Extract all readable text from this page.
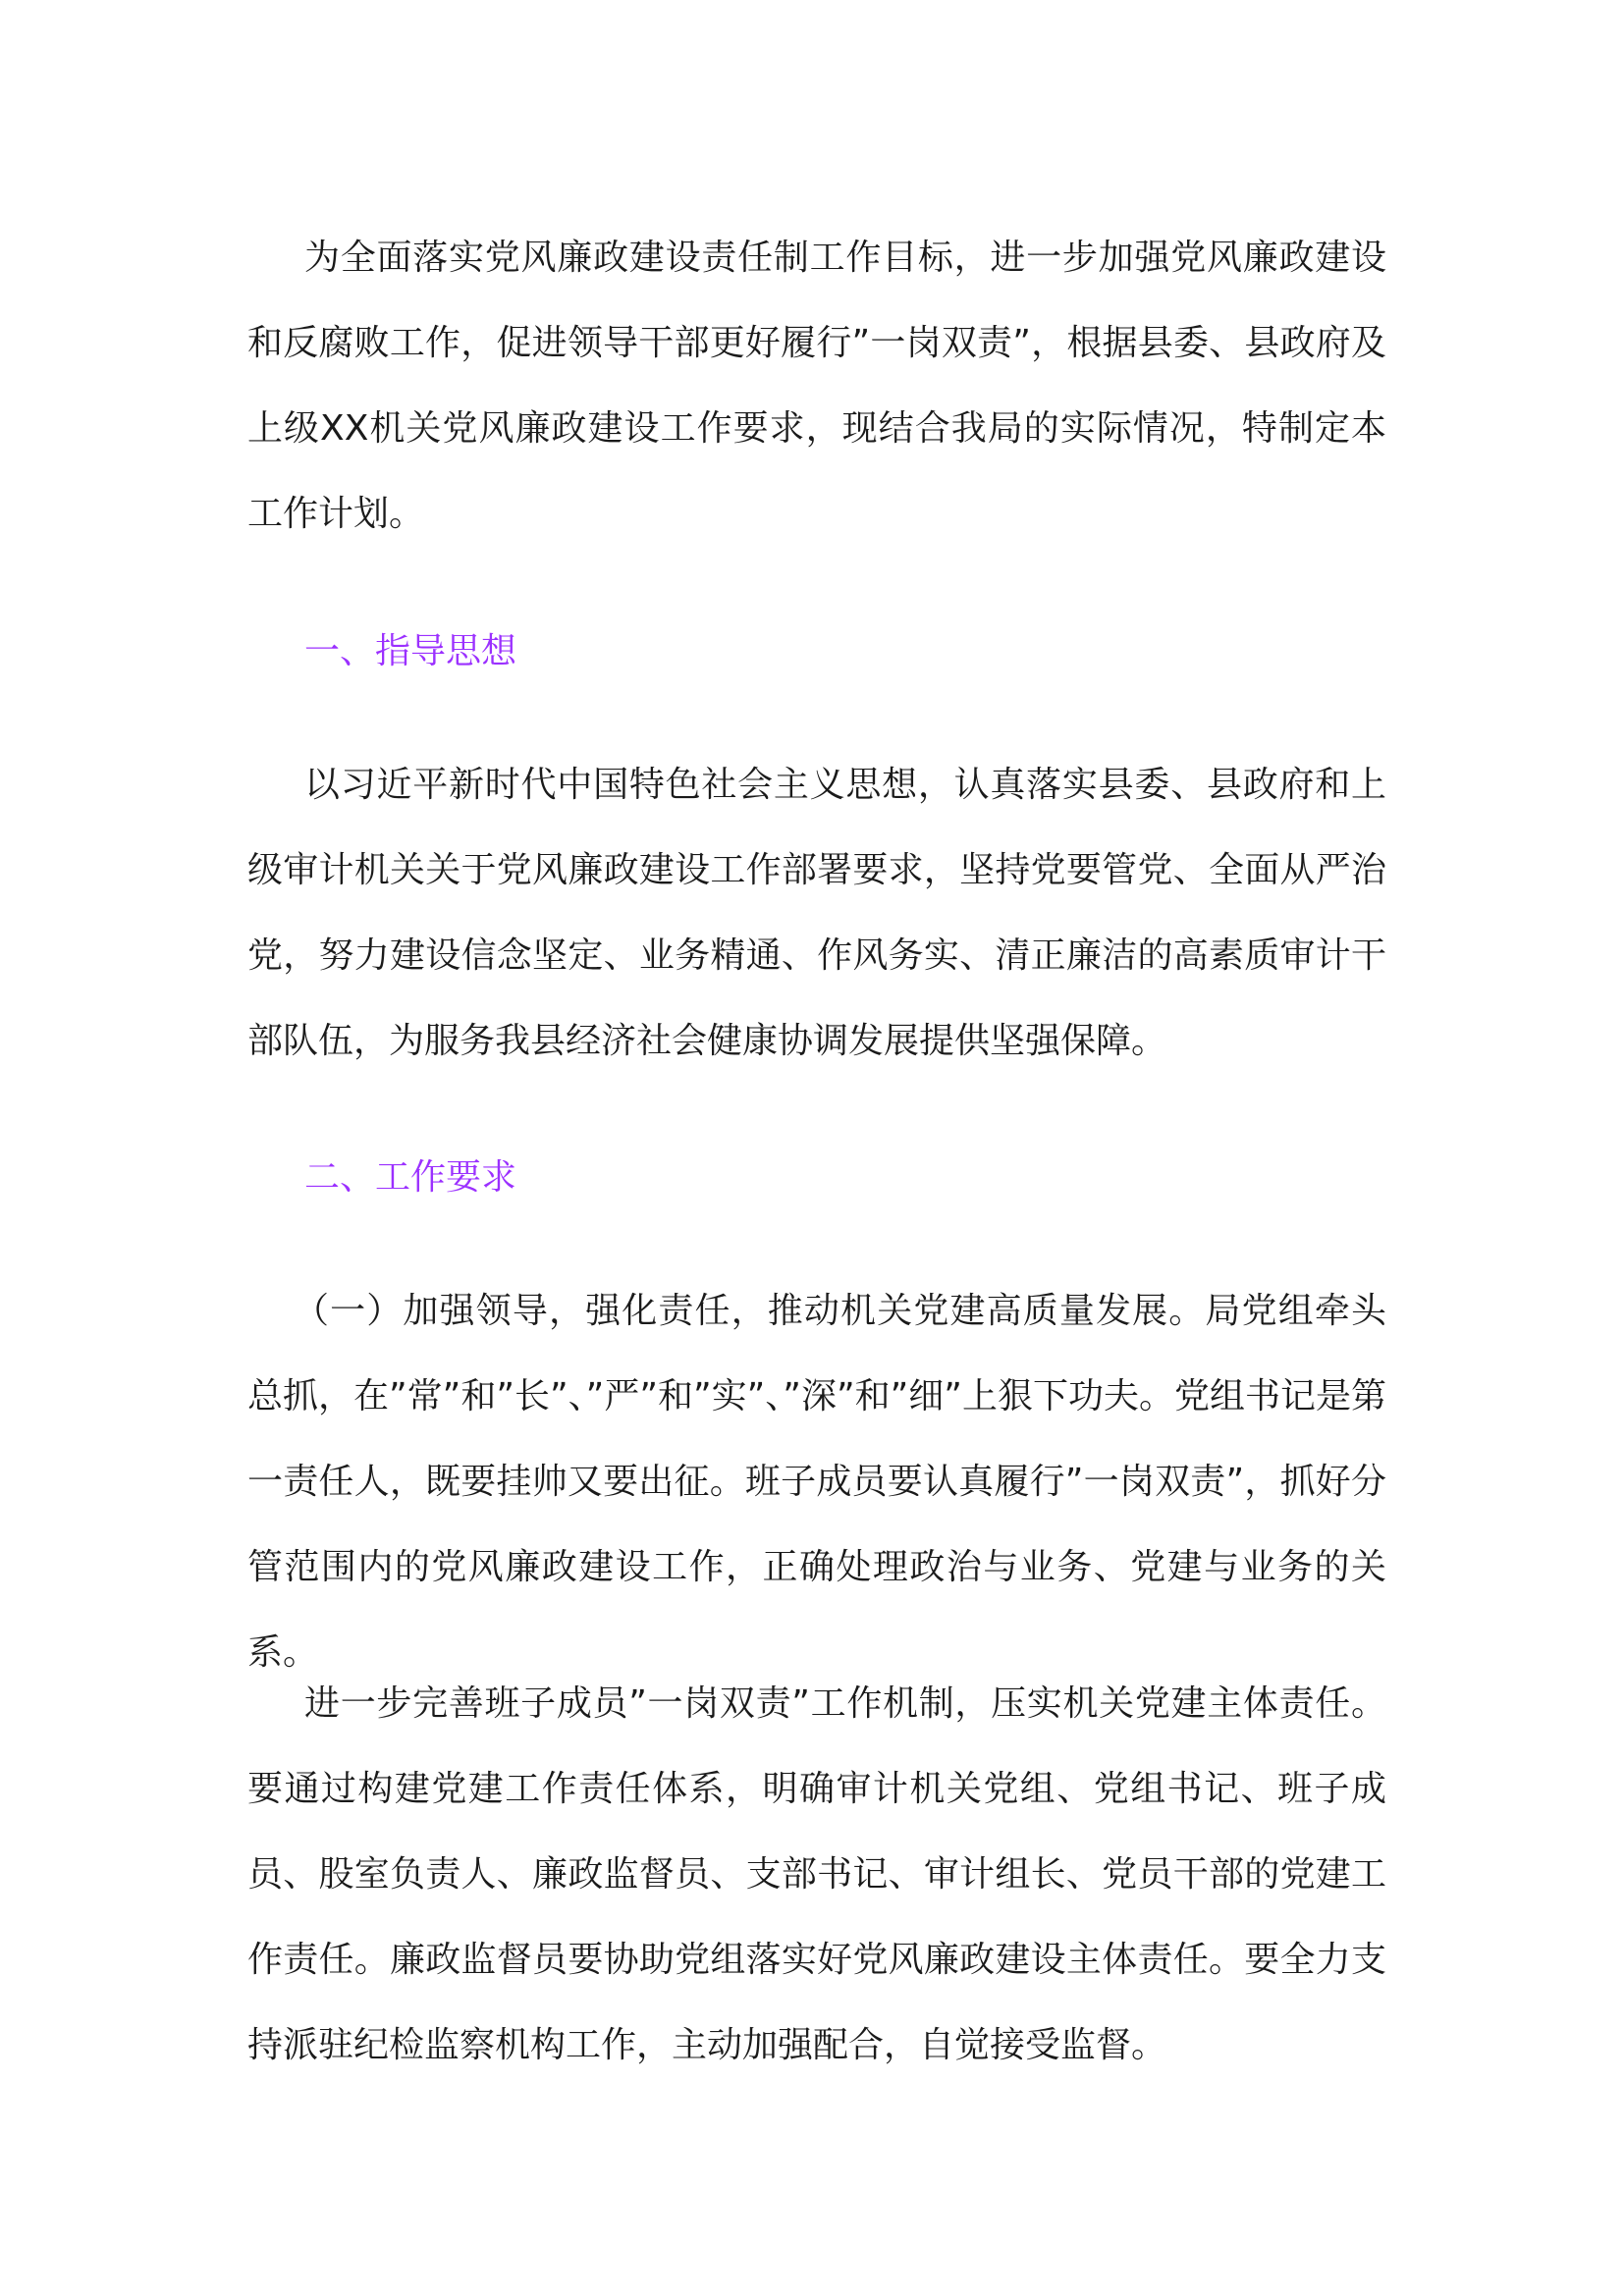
为全面落实党风廉政建设责任制工作目标，进一步加强党风廉政建设和反腐败工作，促进领导干部更好履行”一岗双责”，根据县委、县政府及上级XX机关党风廉政建设工作要求，现结合我局的实际情况，特制定本工作计划。

一、指导思想

以习近平新时代中国特色社会主义思想，认真落实县委、县政府和上级审计机关关于党风廉政建设工作部署要求，坚持党要管党、全面从严治党，努力建设信念坚定、业务精通、作风务实、清正廉洁的高素质审计干部队伍，为服务我县经济社会健康协调发展提供坚强保障。

二、工作要求

（一）加强领导，强化责任，推动机关党建高质量发展。局党组牵头总抓，在”常”和”长”、”严”和”实”、”深”和”细”上狠下功夫。党组书记是第一责任人，既要挂帅又要出征。班子成员要认真履行”一岗双责”，抓好分管范围内的党风廉政建设工作，正确处理政治与业务、党建与业务的关系。

进一步完善班子成员”一岗双责”工作机制，压实机关党建主体责任。要通过构建党建工作责任体系，明确审计机关党组、党组书记、班子成员、股室负责人、廉政监督员、支部书记、审计组长、党员干部的党建工作责任。廉政监督员要协助党组落实好党风廉政建设主体责任。要全力支持派驻纪检监察机构工作，主动加强配合，自觉接受监督。
